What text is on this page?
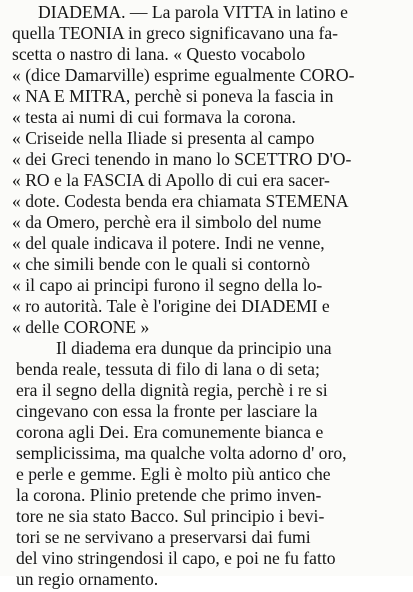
DIADEMA. — La parola VITTA in latino e
quella TEONIA in greco significavano una fa-
scetta o nastro di lana. « Questo vocabolo
« (dice Damarville) esprime egualmente CORO-
« NA E MITRA, perchè si poneva la fascia in
« testa ai numi di cui formava la corona.
« Criseide nella Iliade si presenta al campo
« dei Greci tenendo in mano lo SCETTRO D'O-
« RO e la FASCIA di Apollo di cui era sacer-
« dote. Codesta benda era chiamata STEMENA
« da Omero, perchè era il simbolo del nume
« del quale indicava il potere. Indi ne venne,
« che simili bende con le quali si contornò
« il capo ai principi furono il segno della lo-
« ro autorità. Tale è l'origine dei DIADEMI e
« delle CORONE »
Il diadema era dunque da principio una
benda reale, tessuta di filo di lana o di seta;
era il segno della dignità regia, perchè i re si
cingevano con essa la fronte per lasciare la
corona agli Dei. Era comunemente bianca e
semplicissima, ma qualche volta adorno d' oro,
e perle e gemme. Egli è molto più antico che
la corona. Plinio pretende che primo inven-
tore ne sia stato Bacco. Sul principio i bevi-
tori se ne servivano a preservarsi dai fumi
del vino stringendosi il capo, e poi ne fu fatto
un regio ornamento.
